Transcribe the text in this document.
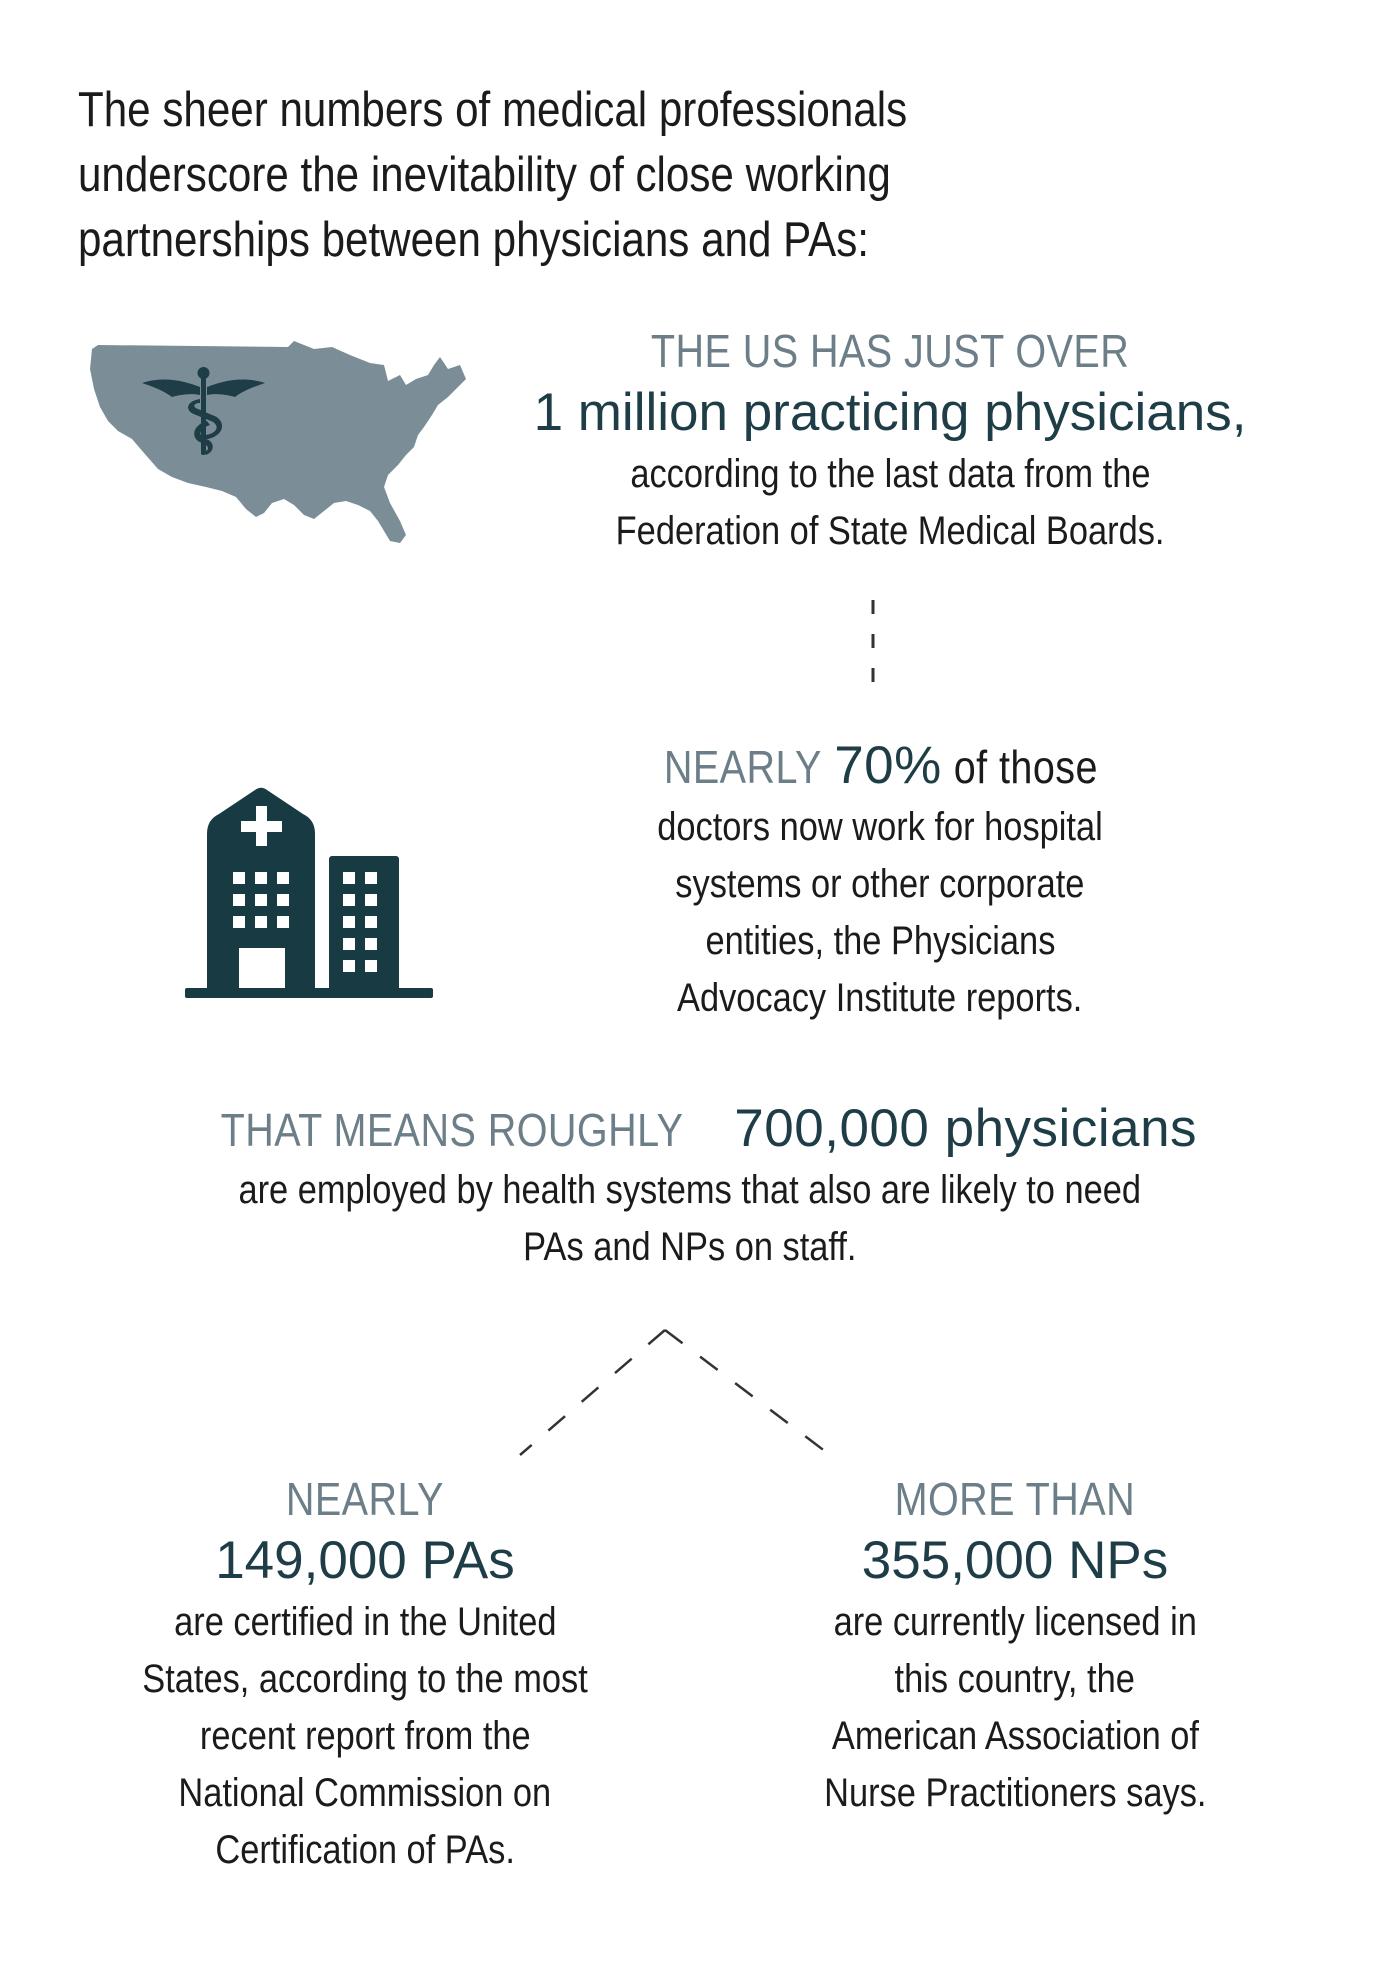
The sheer numbers of medical professionals
underscore the inevitability of close working
partnerships between physicians and PAs:
THE US HAS JUST OVER
1 million practicing physicians,
according to the last data from the
Federation of State Medical Boards.
NEARLY70%of those
doctors now work for hospital
systems or other corporate
entities, the Physicians
Advocacy Institute reports.
THAT MEANS ROUGHLY 700,000 physicians
are employed by health systems that also are likely to need
PAs and NPs on staff.
NEARLY
149,000 PAs
are certified in the United
States, according to the most
recent report from the
National Commission on
Certification of PAs.
MORE THAN
355,000 NPs
are currently licensed in
this country, the
American Association of
Nurse Practitioners says.
